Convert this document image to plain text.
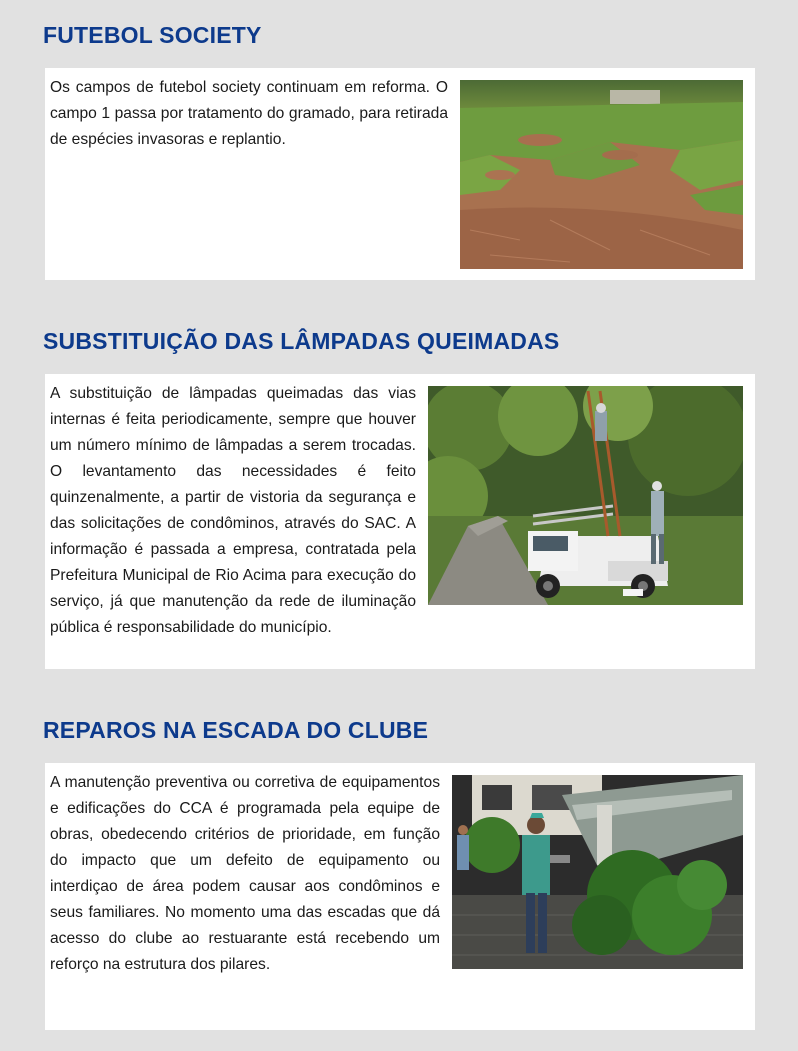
FUTEBOL SOCIETY

Os campos de futebol society continuam em reforma. O campo 1 passa por tratamento do gramado, para retirada de espécies invasoras e replantio.

SUBSTITUIÇÃO DAS LÂMPADAS QUEIMADAS

A substituição de lâmpadas queimadas das vias internas é feita periodicamente, sempre que houver um número mínimo de lâmpadas a serem trocadas. O levantamento das necessidades é feito quinzenalmente, a partir de vistoria da segurança e das solicitações de condôminos, através do SAC. A informação é passada a empresa, contratada pela Prefeitura Municipal de Rio Acima para execução do serviço, já que manutenção da rede de iluminação pública é responsabilidade do município.

REPAROS NA ESCADA DO CLUBE

A manutenção preventiva ou corretiva de equipamentos e edificações do CCA é programada pela equipe de obras, obedecendo critérios de prioridade, em função do impacto que um defeito de equipamento ou interdiçao de área podem causar aos condôminos e seus familiares. No momento uma das escadas que dá acesso do clube ao restuarante está recebendo um reforço na estrutura dos pilares.
